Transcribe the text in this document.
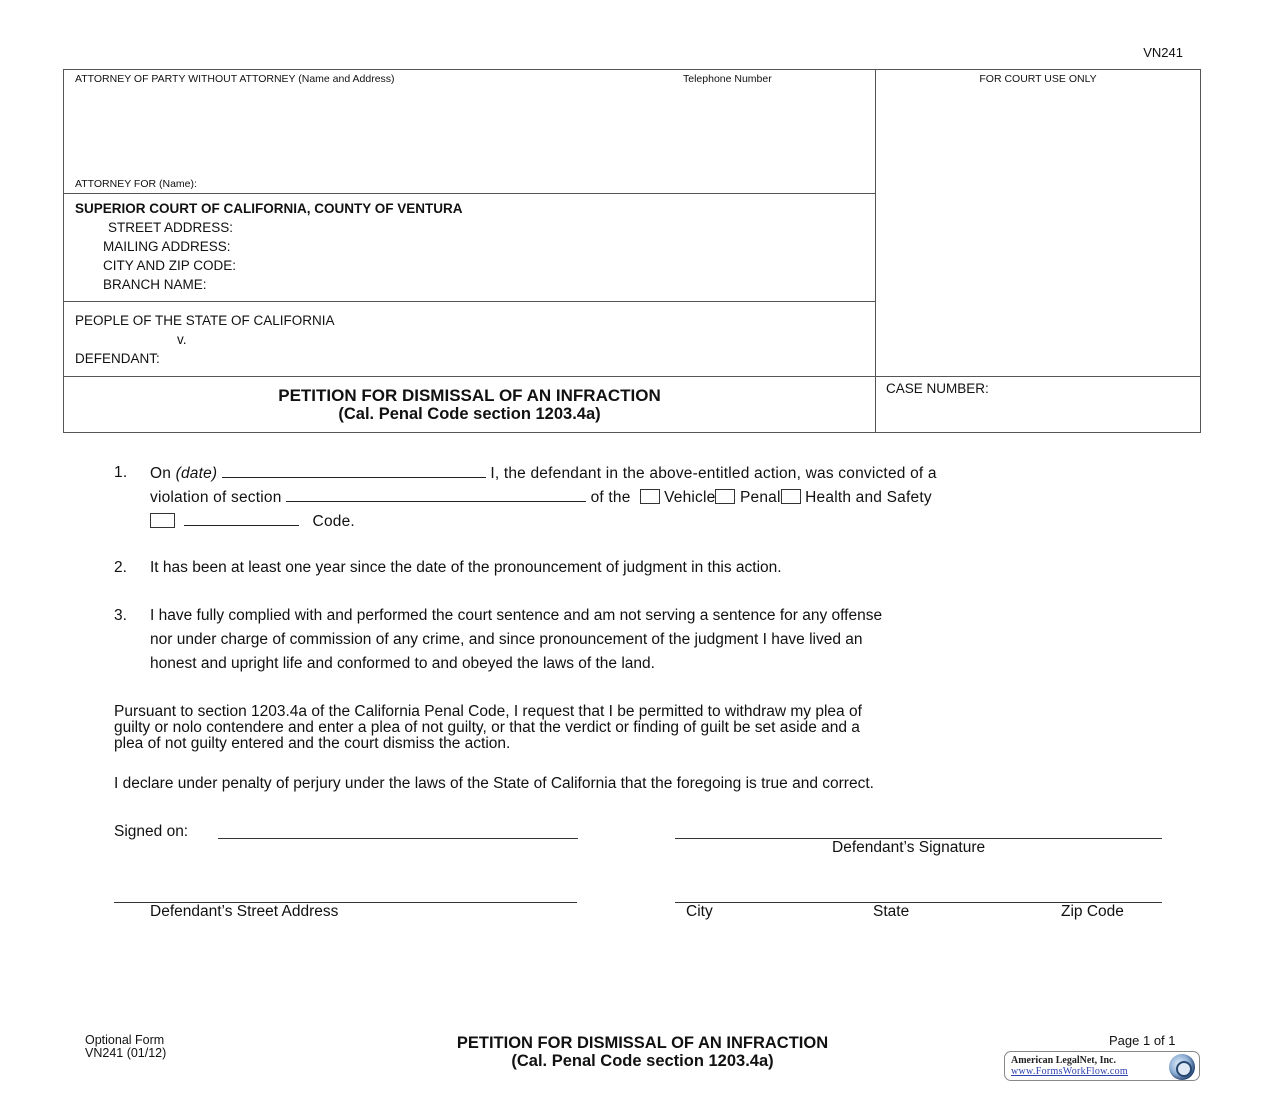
VN241
ATTORNEY OF PARTY WITHOUT ATTORNEY (Name and Address)	Telephone Number
ATTORNEY FOR (Name):
FOR COURT USE ONLY
SUPERIOR COURT OF CALIFORNIA, COUNTY OF VENTURA
STREET ADDRESS:
MAILING ADDRESS:
CITY AND ZIP CODE:
BRANCH NAME:
PEOPLE OF THE STATE OF CALIFORNIA
v.
DEFENDANT:
PETITION FOR DISMISSAL OF AN INFRACTION
(Cal. Penal Code section 1203.4a)
CASE NUMBER:
1. On (date)	I, the defendant in the above-entitled action, was convicted of a
violation of section	of the Vehicle Penal Health and Safety
Code.
2. It has been at least one year since the date of the pronouncement of judgment in this action.
3. I have fully complied with and performed the court sentence and am not serving a sentence for any offense
nor under charge of commission of any crime, and since pronouncement of the judgment I have lived an
honest and upright life and conformed to and obeyed the laws of the land.
Pursuant to section 1203.4a of the California Penal Code, I request that I be permitted to withdraw my plea of
guilty or nolo contendere and enter a plea of not guilty, or that the verdict or finding of guilt be set aside and a
plea of not guilty entered and the court dismiss the action.
I declare under penalty of perjury under the laws of the State of California that the foregoing is true and correct.
Signed on:
Defendant’s Signature
Defendant’s Street Address	City	State	Zip Code
Optional Form
VN241 (01/12)
PETITION FOR DISMISSAL OF AN INFRACTION
(Cal. Penal Code section 1203.4a)
Page 1 of 1
American LegalNet, Inc.
www.FormsWorkFlow.com
